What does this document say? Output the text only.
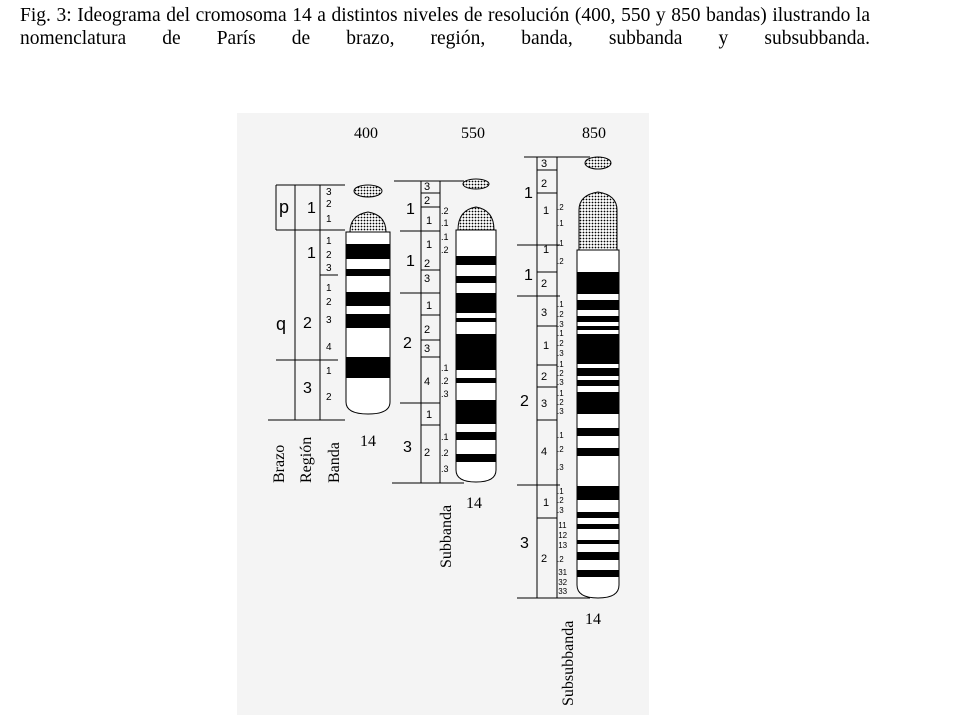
Fig. 3: Ideograma del cromosoma 14 a distintos niveles de resolución (400, 550 y 850 bandas) ilustrando la nomenclatura de París de brazo, región, banda, subbanda y subsubbanda.

400	550	850
p
q
1
1
2
3
3
2
1
1
2
3
1
2
3
4
1
2
14
Brazo Región Banda
1
1
2
3
3
2
1
1
2
3
1
2
3
4
1
2
.2
.1
.1
.2
.1
.2
.3
.1
.2
.3
14
Subbanda
1
1
2
3
3
2
1
1
2
3
1
2
3
4
1
2
.2
.1
.1
.2
.1
.2
.3
.1
.2
.3
.1
.2
.3
.1
.2
.3
.1
.2
.3
.1
.2
.3
.11
.12
.13
.2
.31
.32
.33
14
Subsubbanda
